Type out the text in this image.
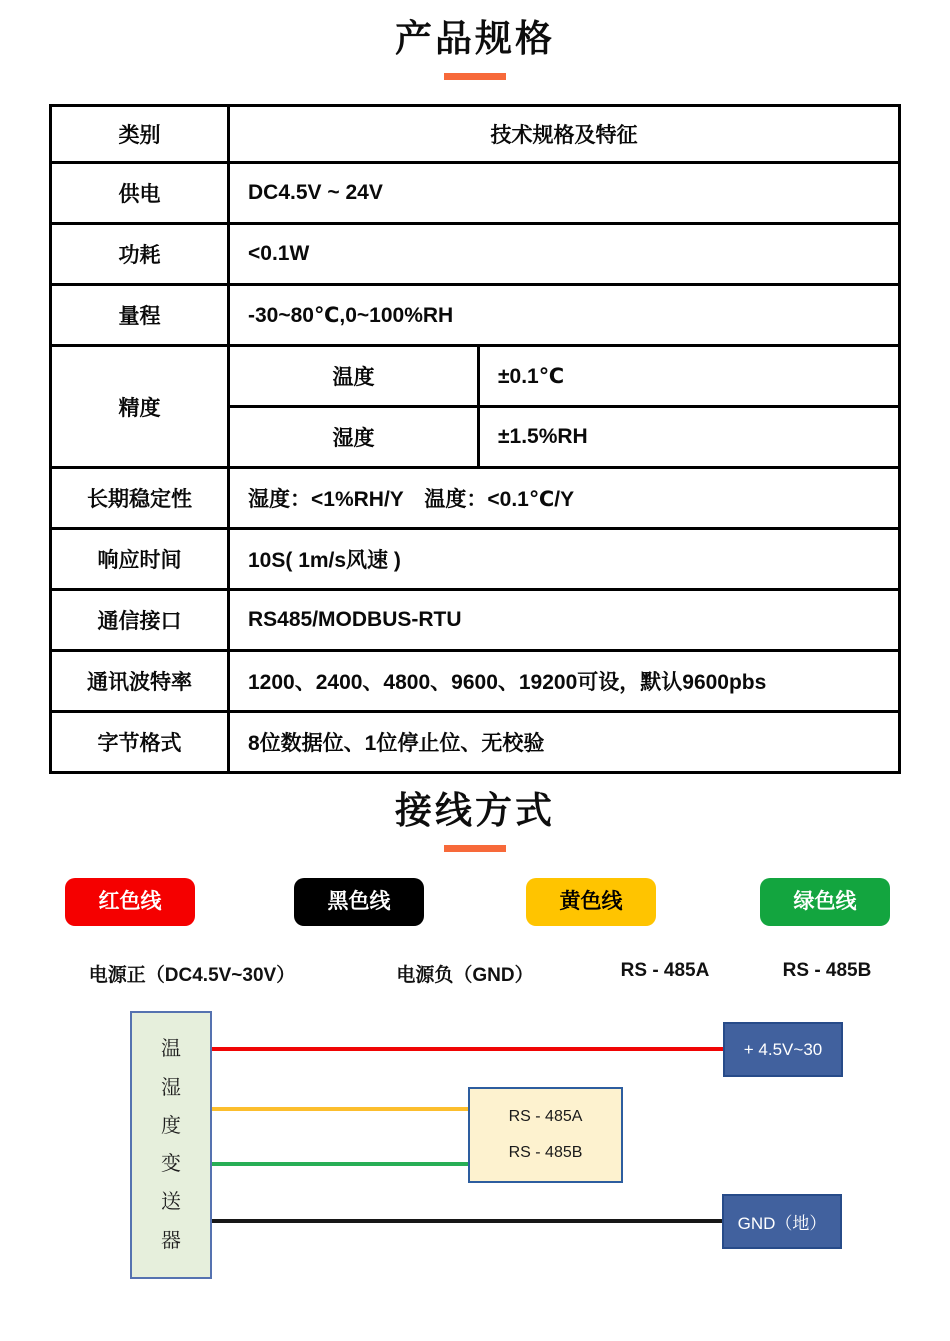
产品规格
类别	技术规格及特征	
供电	DC4.5V ~ 24V	
功耗	<0.1W	
量程	-30~80℃,0~100%RH	
精度	温度	±0.1℃
	湿度	±1.5%RH
长期稳定性	湿度：<1%RH/Y　温度：<0.1℃/Y	
响应时间	10S( 1m/s风速 )	
通信接口	RS485/MODBUS-RTU	
通讯波特率	1200、2400、4800、9600、19200可设，默认9600pbs	
字节格式	8位数据位、1位停止位、无校验	
接线方式
红色线	黑色线	黄色线	绿色线
电源正（DC4.5V~30V）	电源负（GND）	RS - 485A	RS - 485B
温
湿
度
变
送
器
+ 4.5V~30
RS - 485A
RS - 485B
GND（地）
